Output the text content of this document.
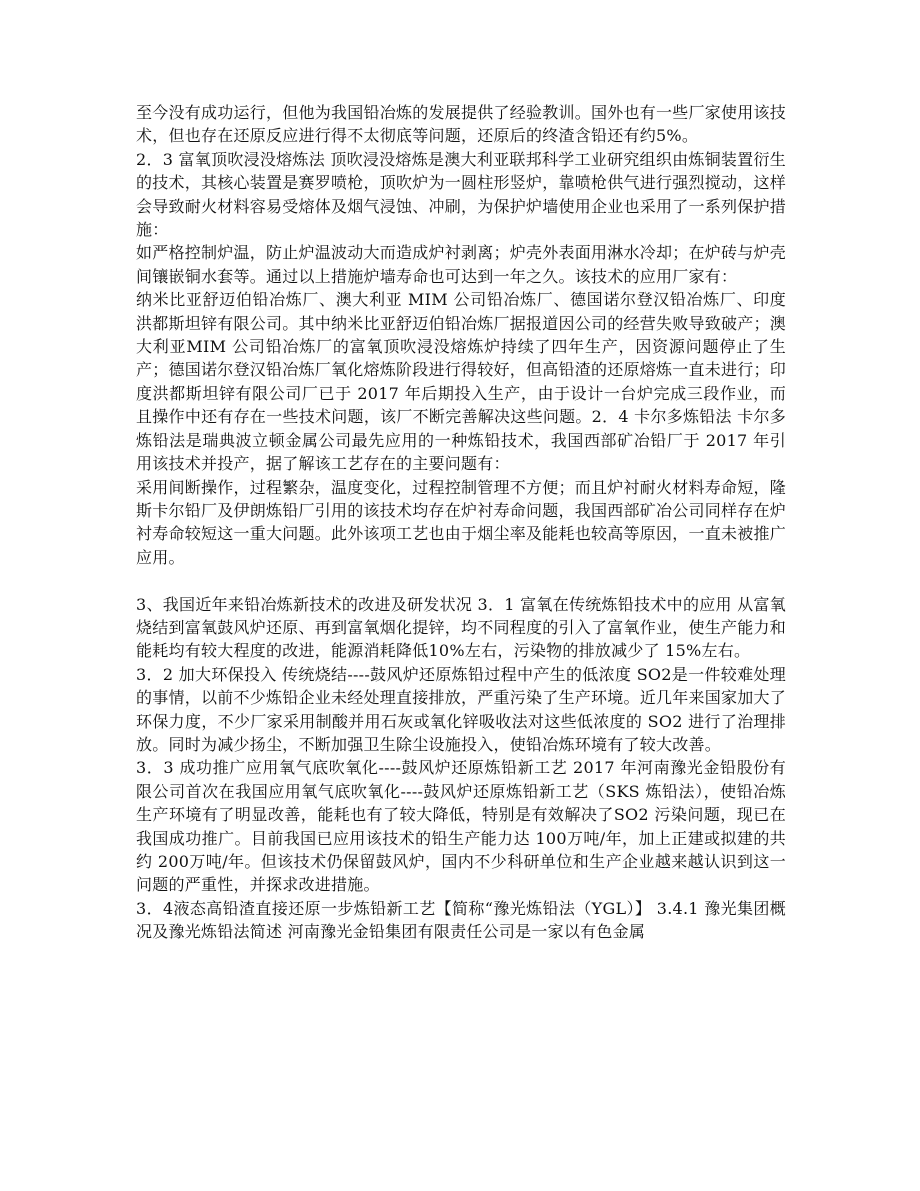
至今没有成功运行，但他为我国铅冶炼的发展提供了经验教训。国外也有一些厂家使用该技术，但也存在还原反应进行得不太彻底等问题，还原后的终渣含铅还有约5%。

2．3 富氧顶吹浸没熔炼法 顶吹浸没熔炼是澳大利亚联邦科学工业研究组织由炼铜装置衍生的技术，其核心装置是赛罗喷枪，顶吹炉为一圆柱形竖炉，靠喷枪供气进行强烈搅动，这样会导致耐火材料容易受熔体及烟气浸蚀、冲刷，为保护炉墙使用企业也采用了一系列保护措施：

如严格控制炉温，防止炉温波动大而造成炉衬剥离；炉壳外表面用淋水冷却；在炉砖与炉壳间镶嵌铜水套等。通过以上措施炉墙寿命也可达到一年之久。该技术的应用厂家有：

纳米比亚舒迈伯铅冶炼厂、澳大利亚 MIM 公司铅冶炼厂、德国诺尔登汉铅冶炼厂、印度洪都斯坦锌有限公司。其中纳米比亚舒迈伯铅冶炼厂据报道因公司的经营失败导致破产；澳大利亚MIM 公司铅冶炼厂的富氧顶吹浸没熔炼炉持续了四年生产，因资源问题停止了生产；德国诺尔登汉铅冶炼厂氧化熔炼阶段进行得较好，但高铅渣的还原熔炼一直未进行；印度洪都斯坦锌有限公司厂已于 2017 年后期投入生产，由于设计一台炉完成三段作业，而且操作中还有存在一些技术问题，该厂不断完善解决这些问题。2．4 卡尔多炼铅法 卡尔多炼铅法是瑞典波立顿金属公司最先应用的一种炼铅技术，我国西部矿冶铅厂于 2017 年引用该技术并投产，据了解该工艺存在的主要问题有：

采用间断操作，过程繁杂，温度变化，过程控制管理不方便；而且炉衬耐火材料寿命短，隆斯卡尔铅厂及伊朗炼铅厂引用的该技术均存在炉衬寿命问题，我国西部矿冶公司同样存在炉衬寿命较短这一重大问题。此外该项工艺也由于烟尘率及能耗也较高等原因，一直未被推广应用。

3、我国近年来铅冶炼新技术的改进及研发状况 3．1 富氧在传统炼铅技术中的应用 从富氧烧结到富氧鼓风炉还原、再到富氧烟化提锌，均不同程度的引入了富氧作业，使生产能力和能耗均有较大程度的改进，能源消耗降低10%左右，污染物的排放减少了 15%左右。

3．2 加大环保投入 传统烧结----鼓风炉还原炼铅过程中产生的低浓度 SO2是一件较难处理的事情，以前不少炼铅企业未经处理直接排放，严重污染了生产环境。近几年来国家加大了环保力度，不少厂家采用制酸并用石灰或氧化锌吸收法对这些低浓度的 SO2 进行了治理排放。同时为减少扬尘，不断加强卫生除尘设施投入，使铅冶炼环境有了较大改善。

3．3 成功推广应用氧气底吹氧化----鼓风炉还原炼铅新工艺 2017 年河南豫光金铅股份有限公司首次在我国应用氧气底吹氧化----鼓风炉还原炼铅新工艺（SKS 炼铅法），使铅冶炼生产环境有了明显改善，能耗也有了较大降低，特别是有效解决了SO2 污染问题，现已在我国成功推广。目前我国已应用该技术的铅生产能力达 100万吨/年，加上正建或拟建的共约 200万吨/年。但该技术仍保留鼓风炉，国内不少科研单位和生产企业越来越认识到这一问题的严重性，并探求改进措施。

3．4液态高铅渣直接还原一步炼铅新工艺【简称“豫光炼铅法（YGL）】 3.4.1 豫光集团概况及豫光炼铅法简述 河南豫光金铅集团有限责任公司是一家以有色金属
